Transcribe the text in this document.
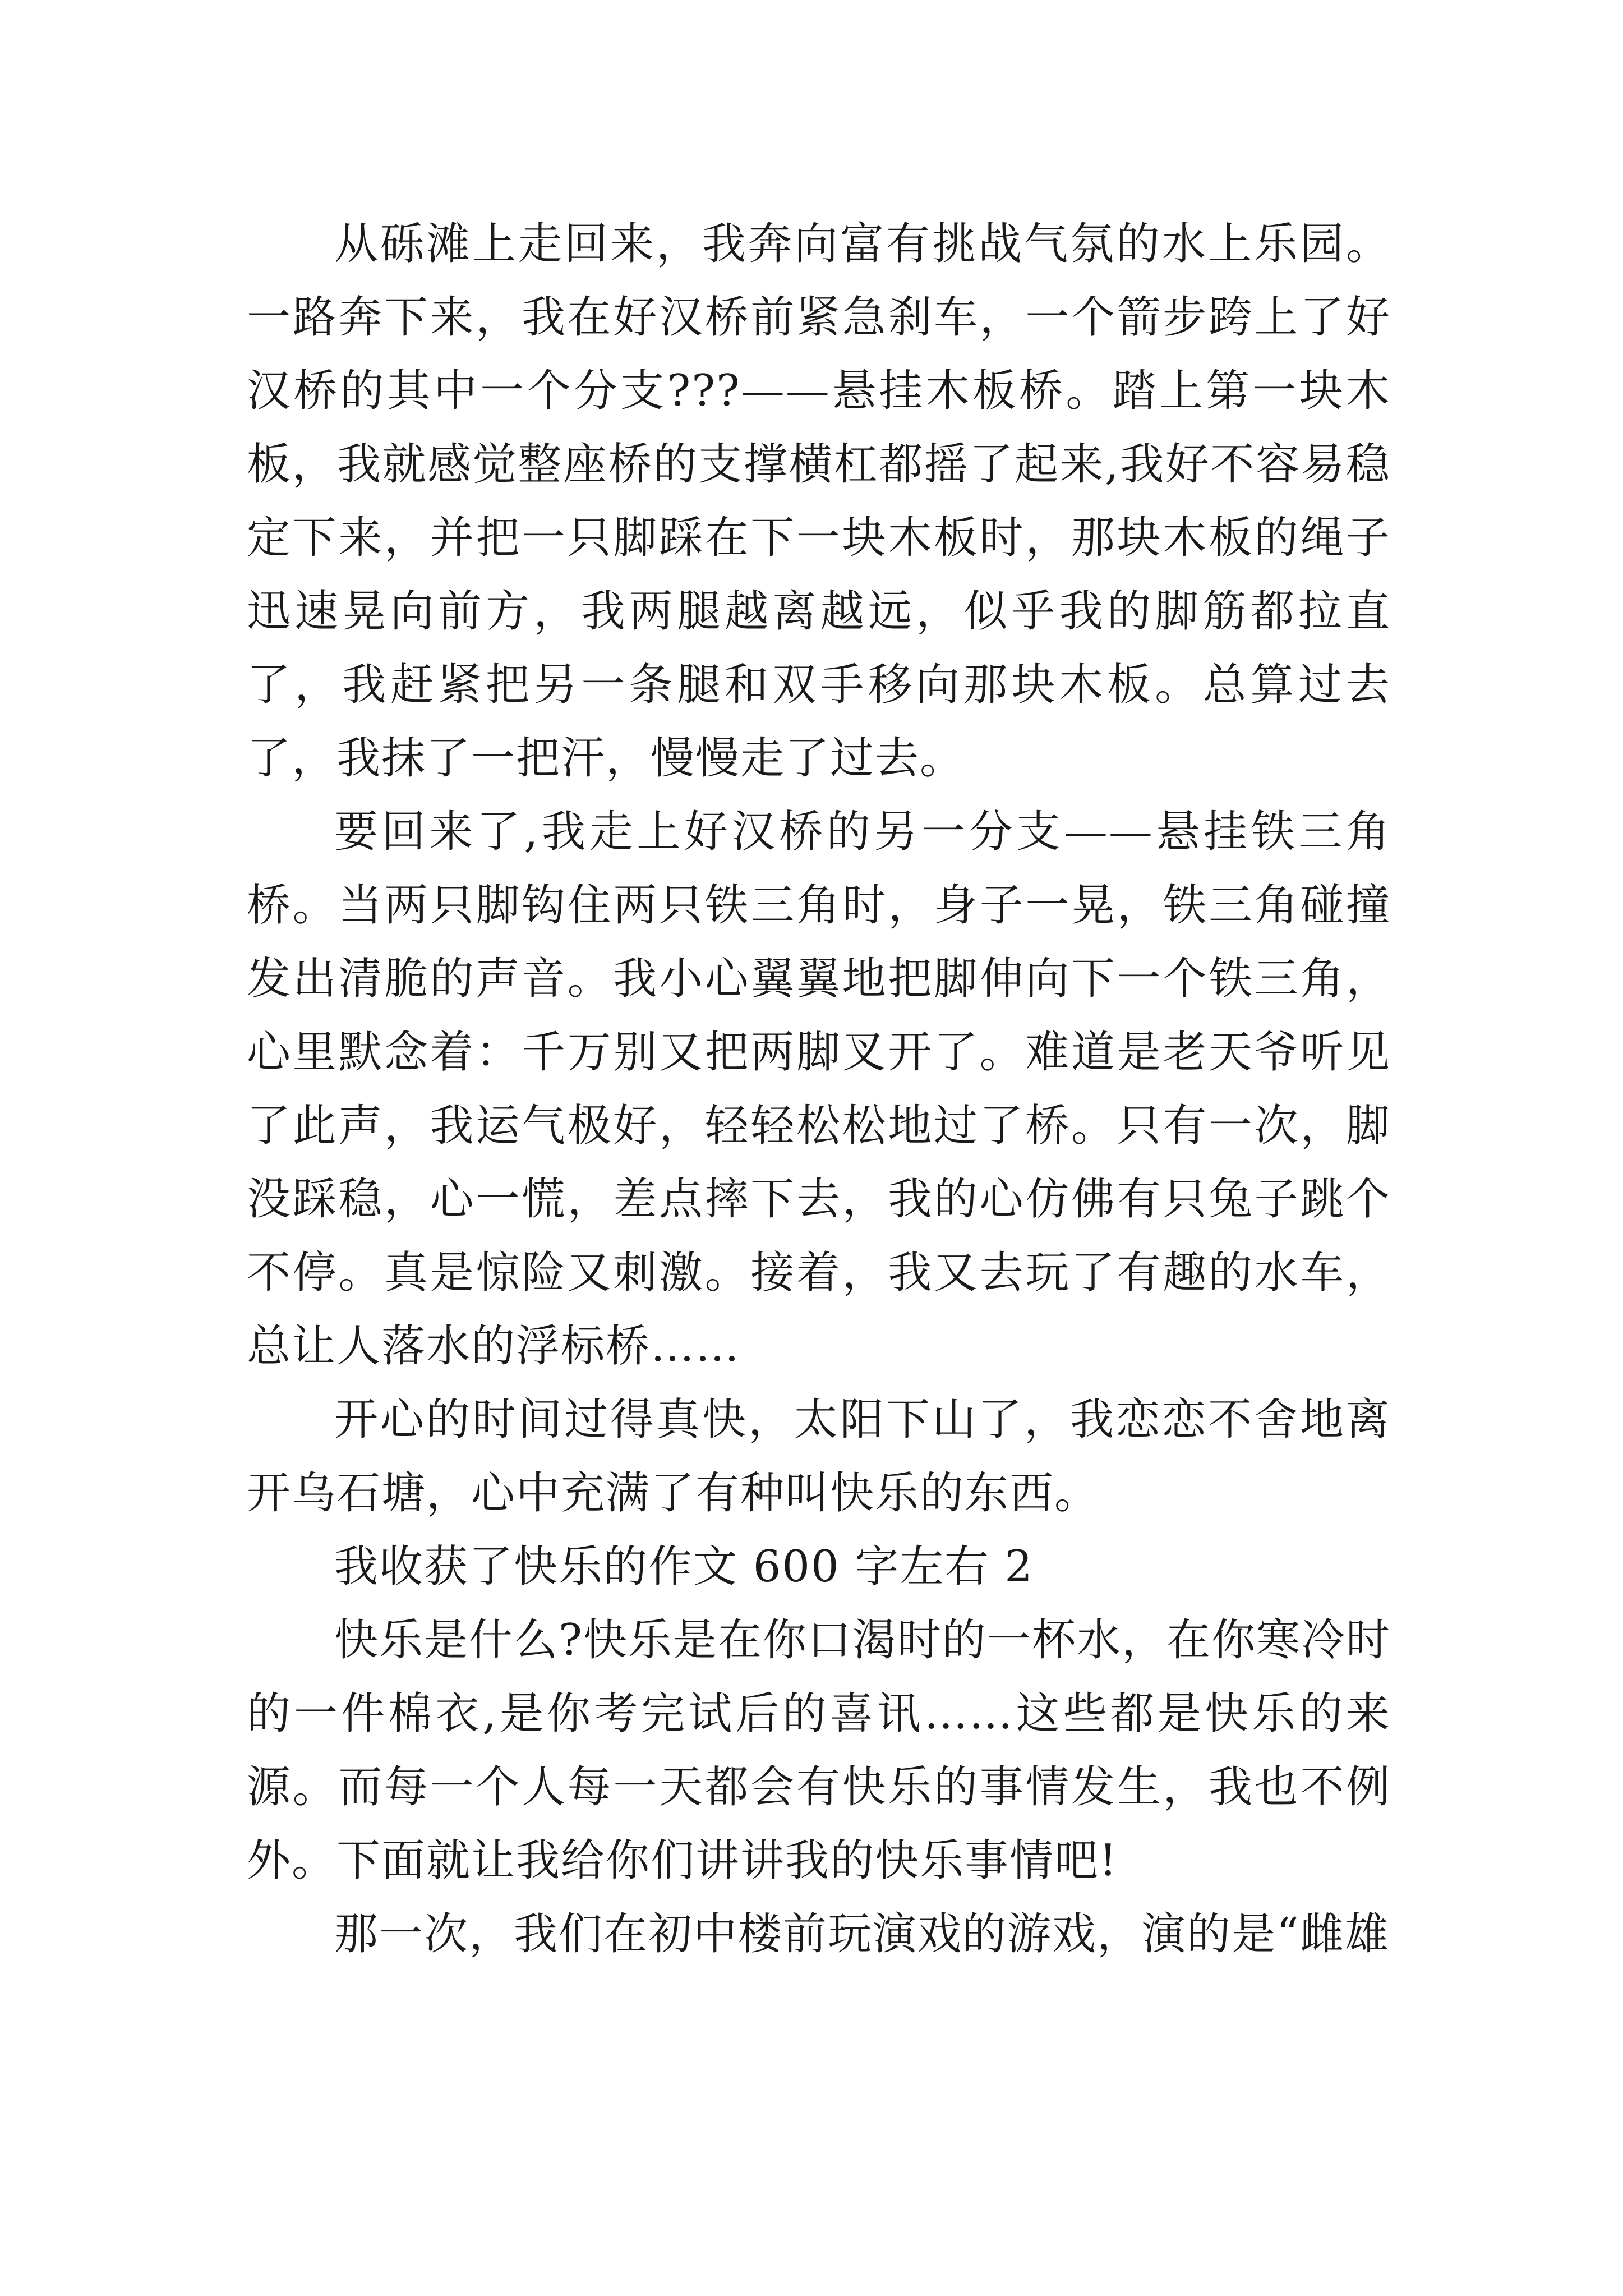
从砾滩上走回来，我奔向富有挑战气氛的水上乐园。一路奔下来，我在好汉桥前紧急刹车，一个箭步跨上了好汉桥的其中一个分支???——悬挂木板桥。踏上第一块木板，我就感觉整座桥的支撑横杠都摇了起来,我好不容易稳定下来，并把一只脚踩在下一块木板时，那块木板的绳子迅速晃向前方，我两腿越离越远，似乎我的脚筋都拉直了，我赶紧把另一条腿和双手移向那块木板。总算过去了，我抹了一把汗，慢慢走了过去。

要回来了,我走上好汉桥的另一分支——悬挂铁三角桥。当两只脚钩住两只铁三角时，身子一晃，铁三角碰撞发出清脆的声音。我小心翼翼地把脚伸向下一个铁三角，心里默念着：千万别又把两脚叉开了。难道是老天爷听见了此声，我运气极好，轻轻松松地过了桥。只有一次，脚没踩稳，心一慌，差点摔下去，我的心仿佛有只兔子跳个不停。真是惊险又刺激。接着，我又去玩了有趣的水车，总让人落水的浮标桥……

开心的时间过得真快，太阳下山了，我恋恋不舍地离开乌石塘，心中充满了有种叫快乐的东西。

我收获了快乐的作文 600 字左右 2

快乐是什么?快乐是在你口渴时的一杯水，在你寒冷时的一件棉衣,是你考完试后的喜讯……这些都是快乐的来源。而每一个人每一天都会有快乐的事情发生，我也不例外。下面就让我给你们讲讲我的快乐事情吧!

那一次，我们在初中楼前玩演戏的游戏，演的是“雌雄
